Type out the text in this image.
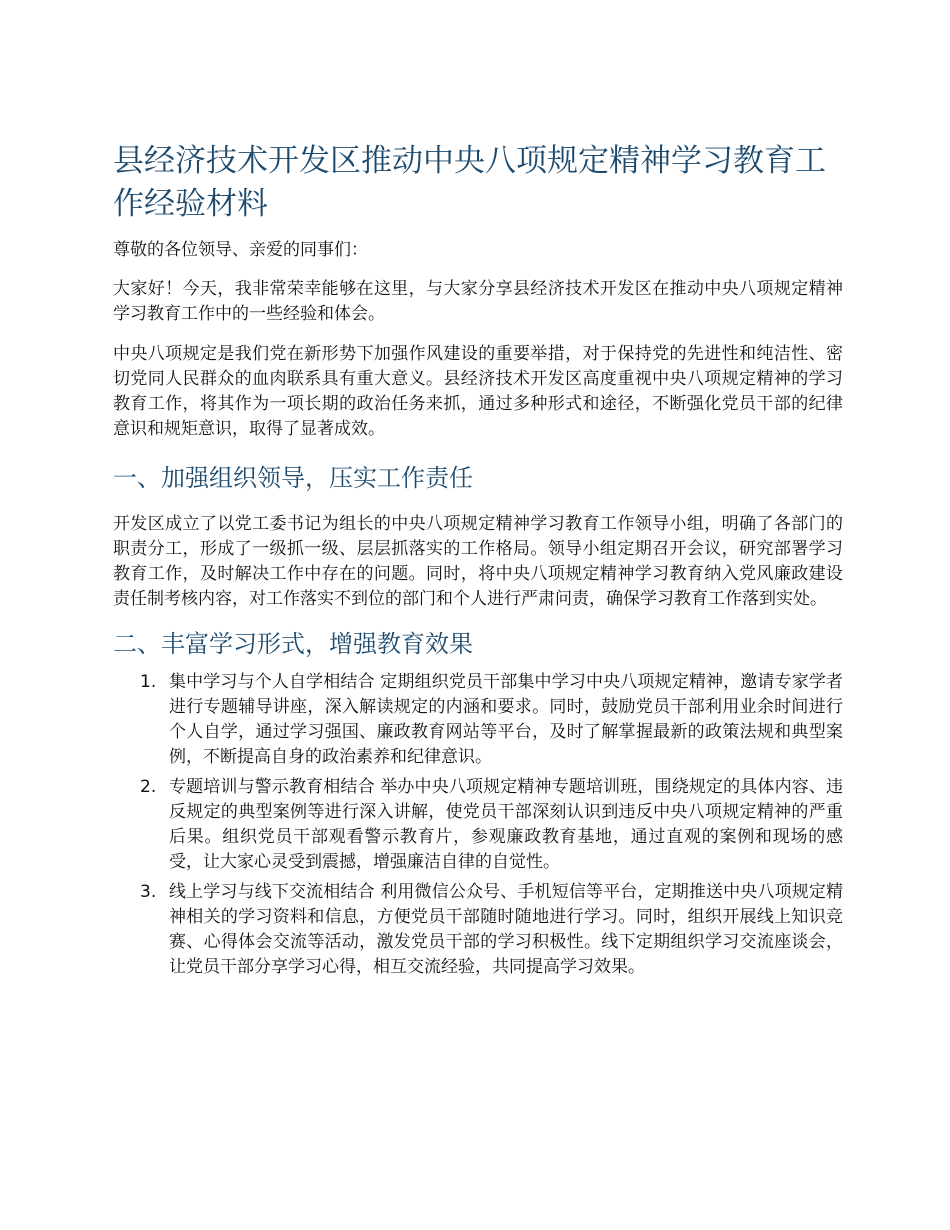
县经济技术开发区推动中央八项规定精神学习教育工作经验材料

尊敬的各位领导、亲爱的同事们：

大家好！今天，我非常荣幸能够在这里，与大家分享县经济技术开发区在推动中央八项规定精神学习教育工作中的一些经验和体会。

中央八项规定是我们党在新形势下加强作风建设的重要举措，对于保持党的先进性和纯洁性、密切党同人民群众的血肉联系具有重大意义。县经济技术开发区高度重视中央八项规定精神的学习教育工作，将其作为一项长期的政治任务来抓，通过多种形式和途径，不断强化党员干部的纪律意识和规矩意识，取得了显著成效。

一、加强组织领导，压实工作责任

开发区成立了以党工委书记为组长的中央八项规定精神学习教育工作领导小组，明确了各部门的职责分工，形成了一级抓一级、层层抓落实的工作格局。领导小组定期召开会议，研究部署学习教育工作，及时解决工作中存在的问题。同时，将中央八项规定精神学习教育纳入党风廉政建设责任制考核内容，对工作落实不到位的部门和个人进行严肃问责，确保学习教育工作落到实处。

二、丰富学习形式，增强教育效果
1. 集中学习与个人自学相结合 定期组织党员干部集中学习中央八项规定精神，邀请专家学者进行专题辅导讲座，深入解读规定的内涵和要求。同时，鼓励党员干部利用业余时间进行个人自学，通过学习强国、廉政教育网站等平台，及时了解掌握最新的政策法规和典型案例，不断提高自身的政治素养和纪律意识。
2. 专题培训与警示教育相结合 举办中央八项规定精神专题培训班，围绕规定的具体内容、违反规定的典型案例等进行深入讲解，使党员干部深刻认识到违反中央八项规定精神的严重后果。组织党员干部观看警示教育片，参观廉政教育基地，通过直观的案例和现场的感受，让大家心灵受到震撼，增强廉洁自律的自觉性。
3. 线上学习与线下交流相结合 利用微信公众号、手机短信等平台，定期推送中央八项规定精神相关的学习资料和信息，方便党员干部随时随地进行学习。同时，组织开展线上知识竞赛、心得体会交流等活动，激发党员干部的学习积极性。线下定期组织学习交流座谈会，让党员干部分享学习心得，相互交流经验，共同提高学习效果。
